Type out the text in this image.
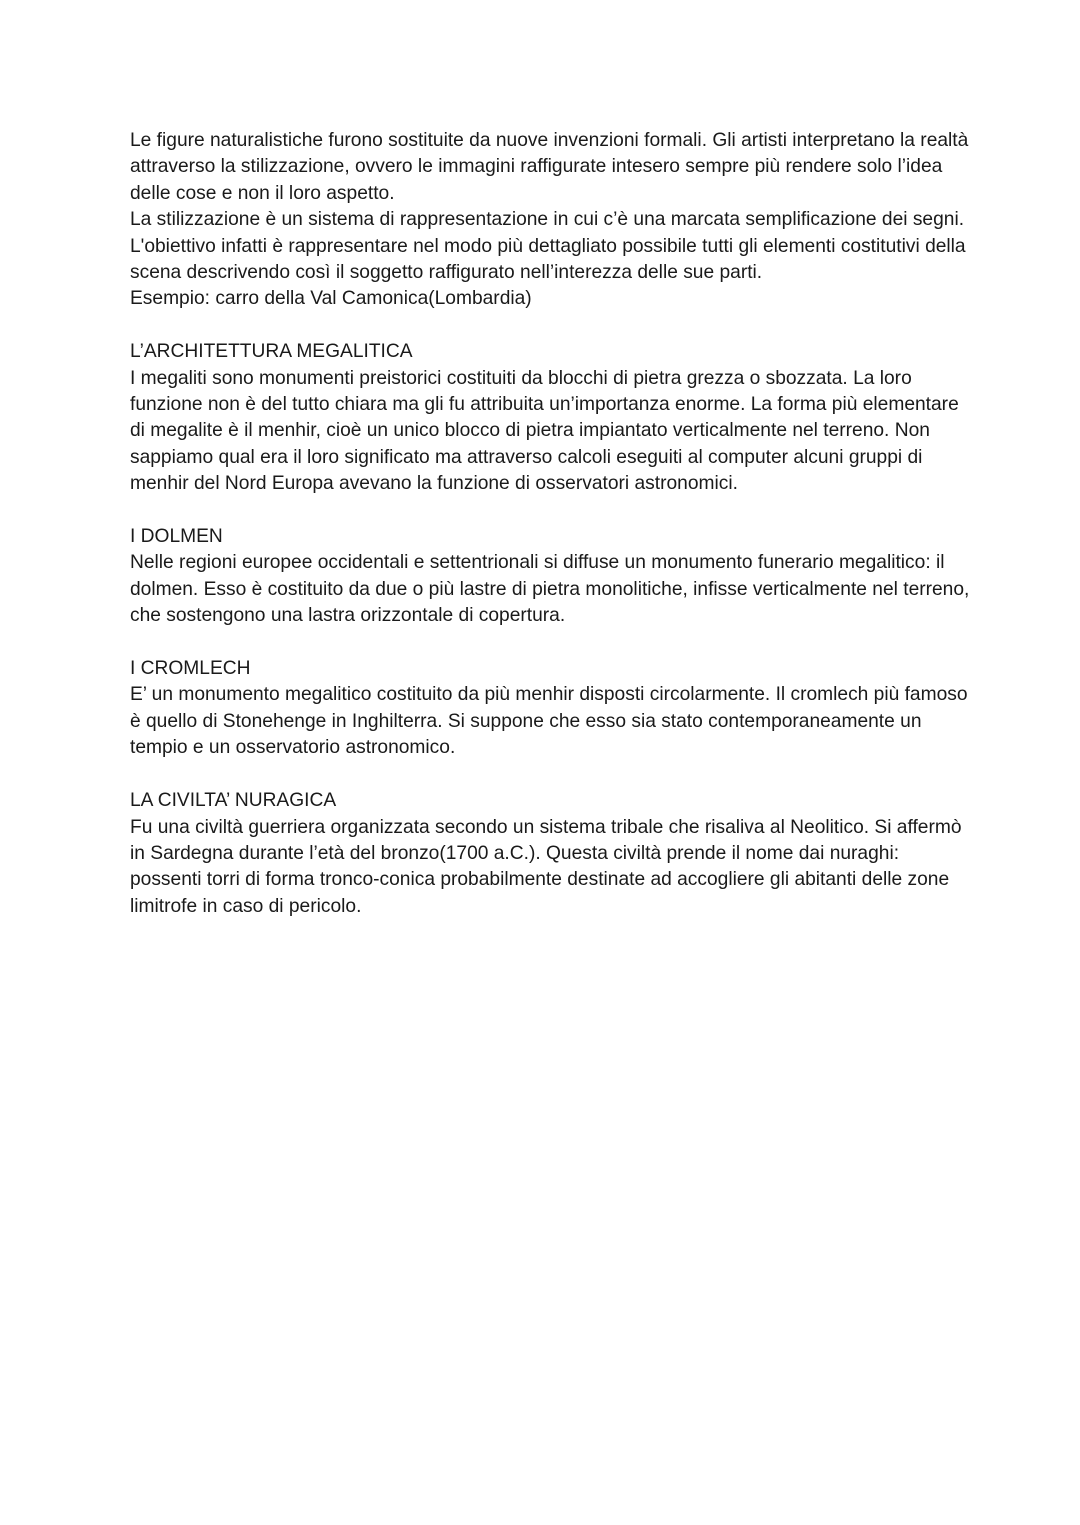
Le figure naturalistiche furono sostituite da nuove invenzioni formali. Gli artisti interpretano la realtà attraverso la stilizzazione, ovvero le immagini raffigurate intesero sempre più rendere solo l’idea delle cose e non il loro aspetto.

La stilizzazione è un sistema di rappresentazione in cui c’è una marcata semplificazione dei segni. L'obiettivo infatti è rappresentare nel modo più dettagliato possibile tutti gli elementi costitutivi della scena descrivendo così il soggetto raffigurato nell’interezza delle sue parti.

Esempio: carro della Val Camonica(Lombardia)

L’ARCHITETTURA MEGALITICA

I megaliti sono monumenti preistorici costituiti da blocchi di pietra grezza o sbozzata. La loro funzione non è del tutto chiara ma gli fu attribuita un’importanza enorme. La forma più elementare di megalite è il menhir, cioè un unico blocco di pietra impiantato verticalmente nel terreno. Non sappiamo qual era il loro significato ma attraverso calcoli eseguiti al computer alcuni gruppi di menhir del Nord Europa avevano la funzione di osservatori astronomici.

I DOLMEN

Nelle regioni europee occidentali e settentrionali si diffuse un monumento funerario megalitico: il dolmen. Esso è costituito da due o più lastre di pietra monolitiche, infisse verticalmente nel terreno, che sostengono una lastra orizzontale di copertura.

I CROMLECH

E’ un monumento megalitico costituito da più menhir disposti circolarmente. Il cromlech più famoso è quello di Stonehenge in Inghilterra. Si suppone che esso sia stato contemporaneamente un tempio e un osservatorio astronomico.

LA CIVILTA’ NURAGICA

Fu una civiltà guerriera organizzata secondo un sistema tribale che risaliva al Neolitico. Si affermò in Sardegna durante l’età del bronzo(1700 a.C.). Questa civiltà prende il nome dai nuraghi: possenti torri di forma tronco-conica probabilmente destinate ad accogliere gli abitanti delle zone limitrofe in caso di pericolo.
